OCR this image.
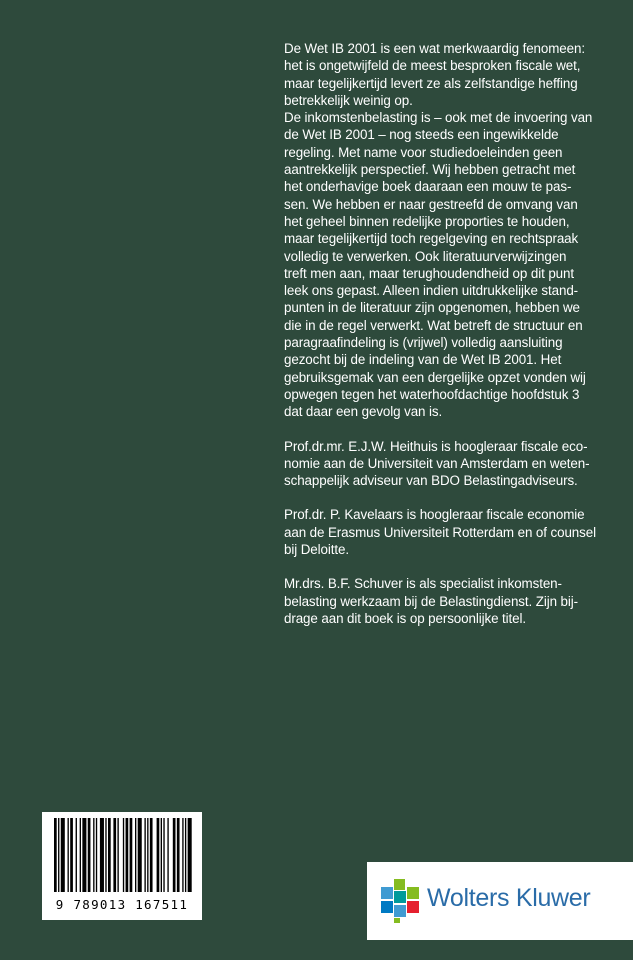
De Wet IB 2001 is een wat merkwaardig fenomeen:
het is ongetwijfeld de meest besproken fiscale wet,
maar tegelijkertijd levert ze als zelfstandige heffing
betrekkelijk weinig op.
De inkomstenbelasting is – ook met de invoering van
de Wet IB 2001 – nog steeds een ingewikkelde
regeling. Met name voor studiedoeleinden geen
aantrekkelijk perspectief. Wij hebben getracht met
het onderhavige boek daaraan een mouw te pas-
sen. We hebben er naar gestreefd de omvang van
het geheel binnen redelijke proporties te houden,
maar tegelijkertijd toch regelgeving en rechtspraak
volledig te verwerken. Ook literatuurverwijzingen
treft men aan, maar terughoudendheid op dit punt
leek ons gepast. Alleen indien uitdrukkelijke stand-
punten in de literatuur zijn opgenomen, hebben we
die in de regel verwerkt. Wat betreft de structuur en
paragraafindeling is (vrijwel) volledig aansluiting
gezocht bij de indeling van de Wet IB 2001. Het
gebruiksgemak van een dergelijke opzet vonden wij
opwegen tegen het waterhoofdachtige hoofdstuk 3
dat daar een gevolg van is.
Prof.dr.mr. E.J.W. Heithuis is hoogleraar fiscale eco-
nomie aan de Universiteit van Amsterdam en weten-
schappelijk adviseur van BDO Belastingadviseurs.
Prof.dr. P. Kavelaars is hoogleraar fiscale economie
aan de Erasmus Universiteit Rotterdam en of counsel
bij Deloitte.
Mr.drs. B.F. Schuver is als specialist inkomsten-
belasting werkzaam bij de Belastingdienst. Zijn bij-
drage aan dit boek is op persoonlijke titel.
9 789013 167511	Wolters Kluwer
